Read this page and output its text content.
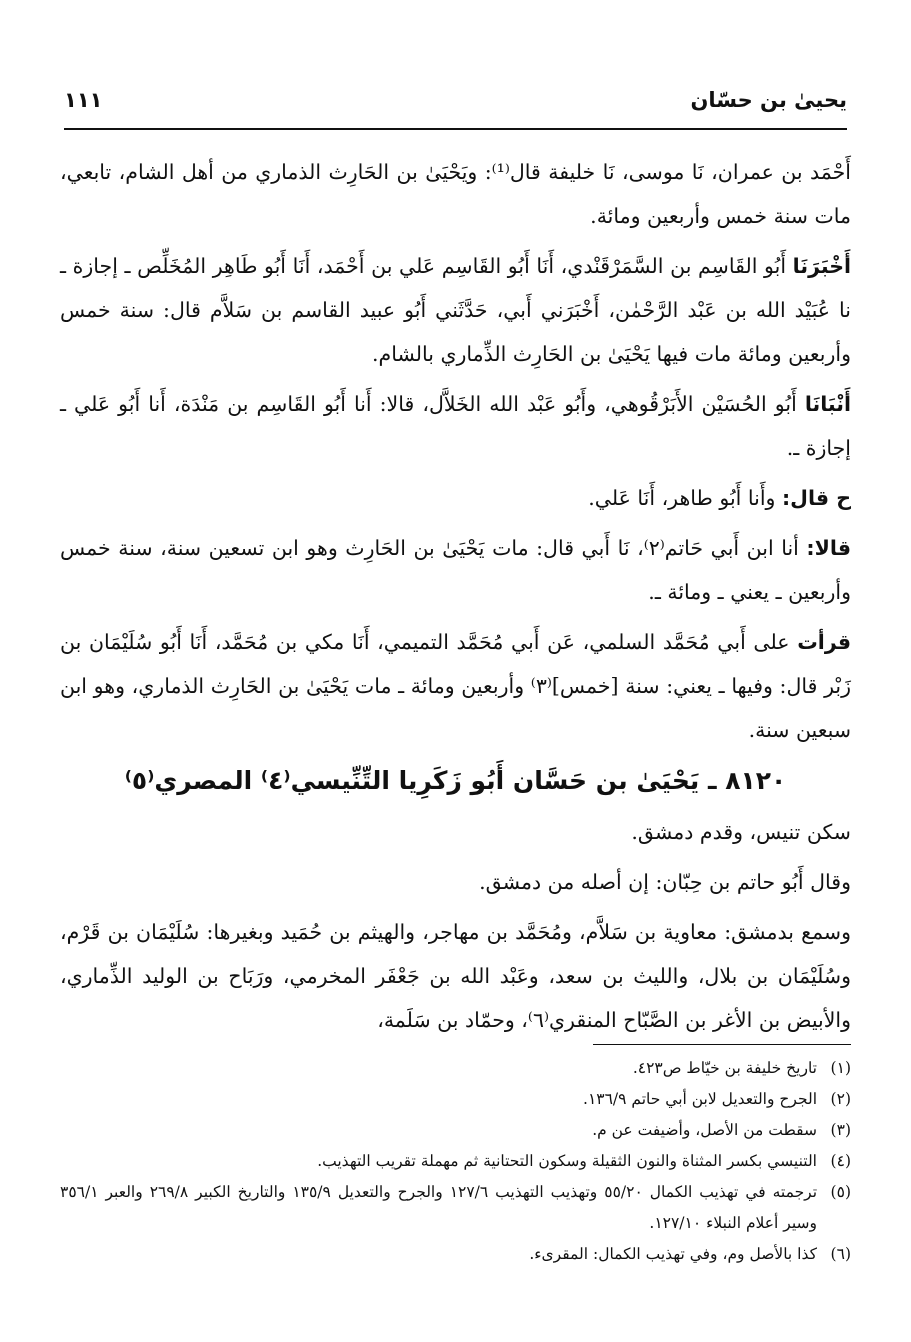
يحيىٰ بن حسّان
١١١

أَحْمَد بن عمران، نَا موسى، نَا خليفة قال⁽¹⁾: ويَحْيَىٰ بن الحَارِث الذماري من أهل الشام، تابعي، مات سنة خمس وأربعين ومائة.

أَخْبَرَنَا أَبُو القَاسِم بن السَّمَرْقَنْدي، أَنَا أَبُو القَاسِم عَلي بن أَحْمَد، أَنَا أَبُو طَاهِر المُخَلِّص ـ إجازة ـ نا عُبَيْد الله بن عَبْد الرَّحْمٰن، أَخْبَرَني أَبي، حَدَّثَني أَبُو عبيد القاسم بن سَلاَّم قال: سنة خمس وأربعين ومائة مات فيها يَحْيَىٰ بن الحَارِث الذِّماري بالشام.

أَنْبَانَا أَبُو الحُسَيْن الأَبَرْقُوهي، وأَبُو عَبْد الله الخَلاَّل، قالا: أَنا أَبُو القَاسِم بن مَنْدَة، أَنا أَبُو عَلي ـ إجازة ـ.

ح قال: وأَنا أَبُو طاهر، أَنَا عَلي.

قالا: أنا ابن أَبي حَاتم⁽٢⁾، نَا أَبي قال: مات يَحْيَىٰ بن الحَارِث وهو ابن تسعين سنة، سنة خمس وأربعين ـ يعني ـ ومائة ـ.

قرأت على أَبي مُحَمَّد السلمي، عَن أَبي مُحَمَّد التميمي، أَنَا مكي بن مُحَمَّد، أَنَا أَبُو سُلَيْمَان بن زَبْر قال: وفيها ـ يعني: سنة [خمس]⁽٣⁾ وأربعين ومائة ـ مات يَحْيَىٰ بن الحَارِث الذماري، وهو ابن سبعين سنة.

٨١٢٠ ـ يَحْيَىٰ بن حَسَّان أَبُو زَكَرِيا التِّنِّيسي⁽٤⁾ المصري⁽٥⁾

سكن تنيس، وقدم دمشق.

وقال أَبُو حاتم بن حِبّان: إن أصله من دمشق.

وسمع بدمشق: معاوية بن سَلاَّم، ومُحَمَّد بن مهاجر، والهيثم بن حُمَيد وبغيرها: سُلَيْمَان بن قَرْم، وسُلَيْمَان بن بلال، والليث بن سعد، وعَبْد الله بن جَعْفَر المخرمي، ورَبَاح بن الوليد الذِّماري، والأبيض بن الأغر بن الصَّبّاح المنقري⁽٦⁾، وحمّاد بن سَلَمة،

(١)
تاريخ خليفة بن خيّاط ص٤٢٣.
(٢)
الجرح والتعديل لابن أبي حاتم ١٣٦/٩.
(٣)
سقطت من الأصل، وأضيفت عن م.
(٤)
التنيسي بكسر المثناة والنون الثقيلة وسكون التحتانية ثم مهملة تقريب التهذيب.
(٥)
ترجمته في تهذيب الكمال ٥٥/٢٠ وتهذيب التهذيب ١٢٧/٦ والجرح والتعديل ١٣٥/٩ والتاريخ الكبير ٢٦٩/٨ والعبر ٣٥٦/١ وسير أعلام النبلاء ١٢٧/١٠.
(٦)
كذا بالأصل وم، وفي تهذيب الكمال: المقرىء.
